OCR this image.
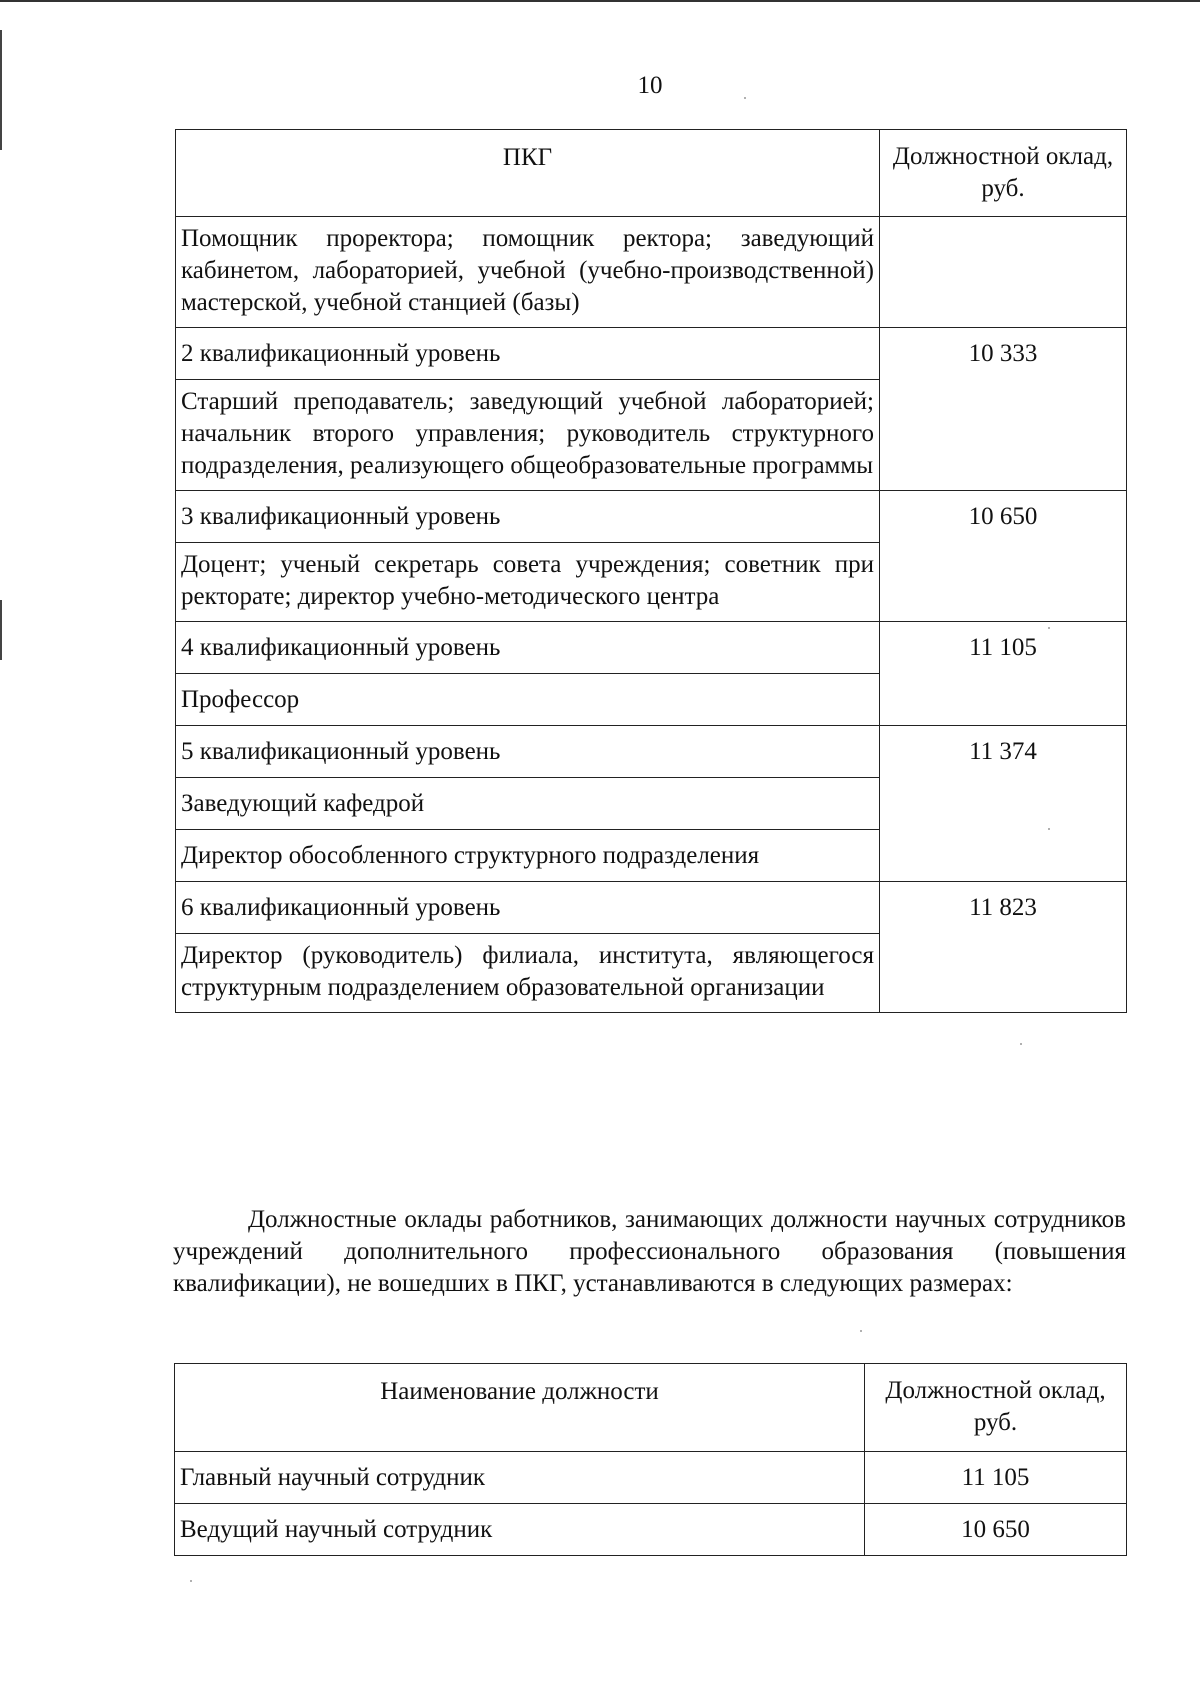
10
ПКГ	Должностной оклад, руб.
Помощник проректора; помощник ректора; заведующий кабинетом, лабораторией, учебной (учебно-производственной) мастерской, учебной станцией (базы)	
2 квалификационный уровень	10 333
Старший преподаватель; заведующий учебной лабораторией; начальник второго управления; руководитель структурного подразделения, реализующего общеобразовательные программы	
3 квалификационный уровень	10 650
Доцент; ученый секретарь совета учреждения; советник при ректорате; директор учебно-методического центра	
4 квалификационный уровень	11 105
Профессор	
5 квалификационный уровень	11 374
Заведующий кафедрой	
Директор обособленного структурного подразделения	
6 квалификационный уровень	11 823
Директор (руководитель) филиала, института, являющегося структурным подразделением образовательной организации	

Должностные оклады работников, занимающих должности научных сотрудников учреждений дополнительного профессионального образования (повышения квалификации), не вошедших в ПКГ, устанавливаются в следующих размерах:

Наименование должности	Должностной оклад, руб.
Главный научный сотрудник	11 105
Ведущий научный сотрудник	10 650
